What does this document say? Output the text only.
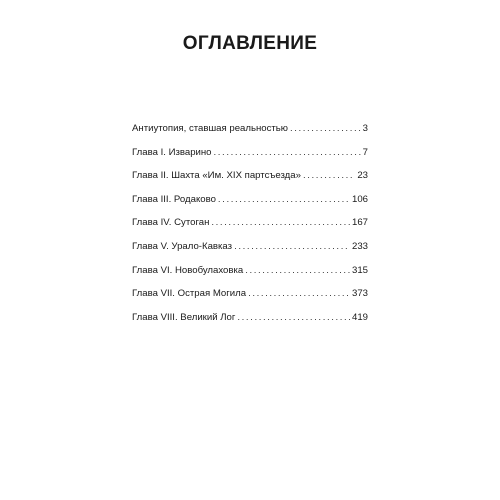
ОГЛАВЛЕНИЕ
Антиутопия, ставшая реальностью .....	3
Глава I. Изварино .....	7
Глава II. Шахта «Им. XIX партсъезда» .....	23
Глава III. Родаково .....	106
Глава IV. Сутоган .....	167
Глава V. Урало-Кавказ .....	233
Глава VI. Новобулаховка .....	315
Глава VII. Острая Могила .....	373
Глава VIII. Великий Лог .....	419
